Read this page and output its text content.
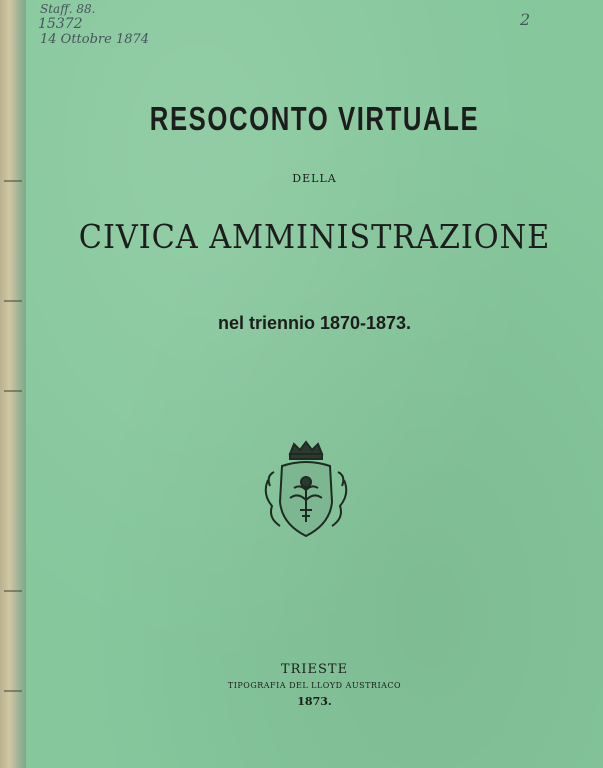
Staff. 88.
15372
14 Ottobre 1874
2
RESOCONTO VIRTUALE
DELLA
CIVICA AMMINISTRAZIONE
nel triennio 1870-1873.
TRIESTE
TIPOGRAFIA DEL LLOYD AUSTRIACO
1873.
